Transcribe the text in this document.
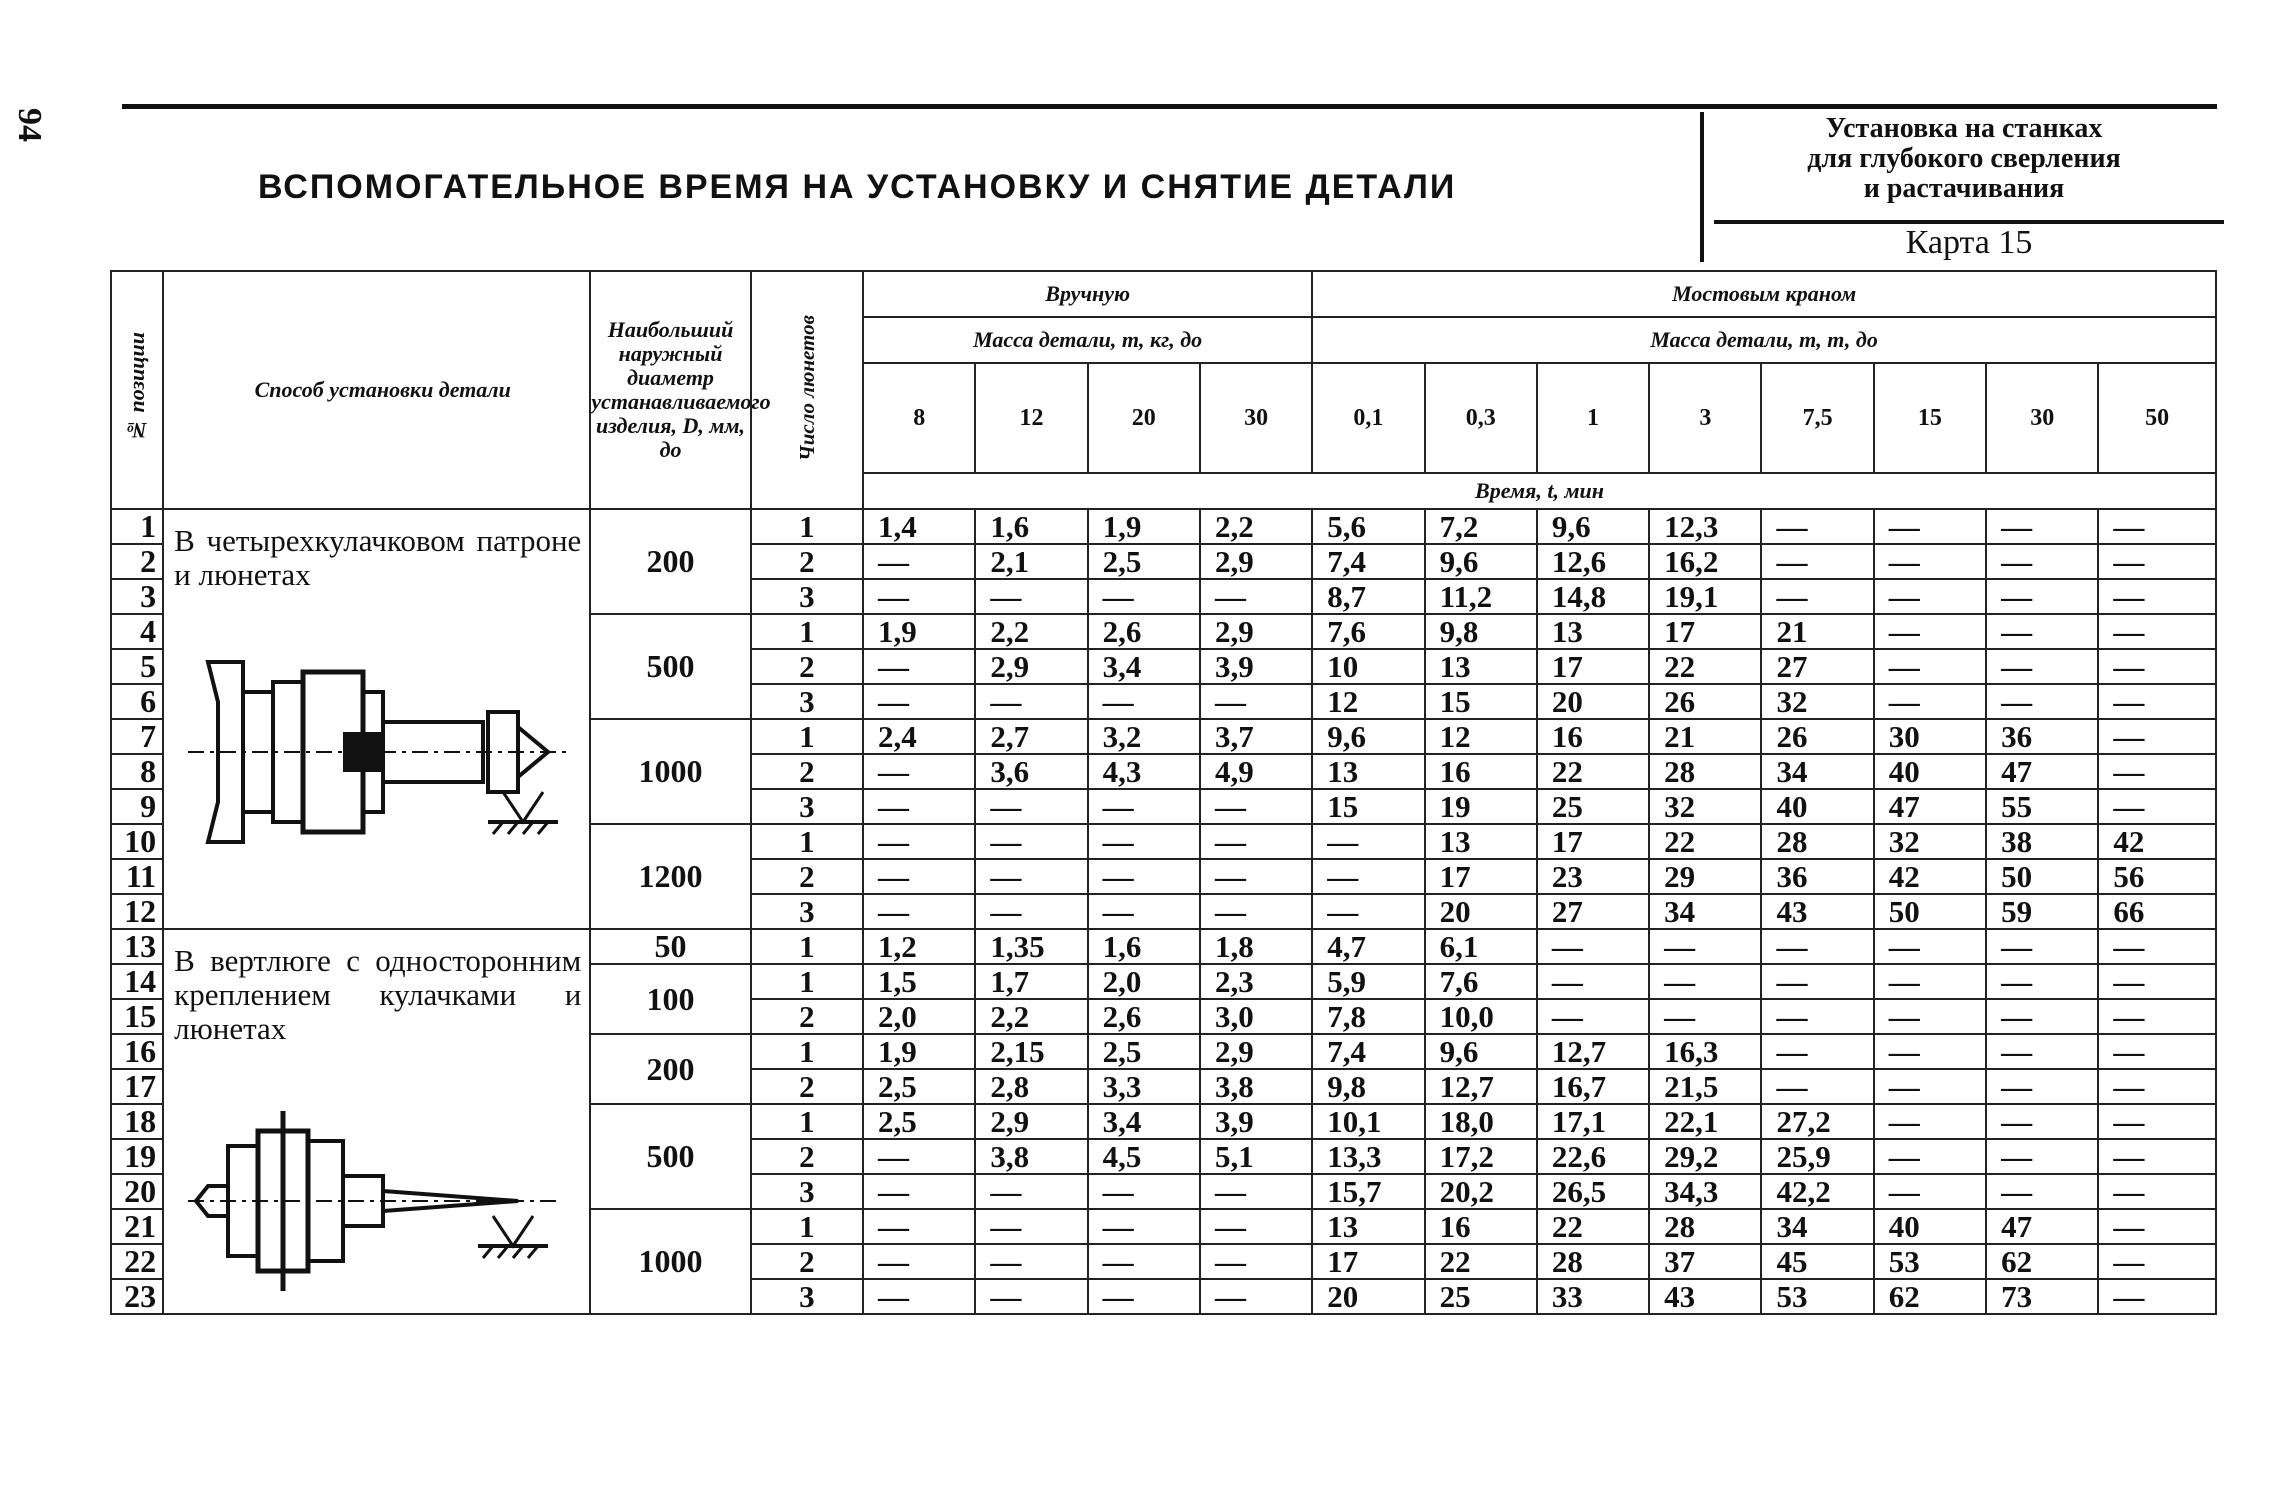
94
ВСПОМОГАТЕЛЬНОЕ ВРЕМЯ НА УСТАНОВКУ И СНЯТИЕ ДЕТАЛИ
Установка на станках
для глубокого сверления
и растачивания
Карта 15
№ позиции	Способ установки детали	Наибольший наружный диаметр устанавливаемого изделия, D, мм, до	Число люнетов	Вручную				Мостовым краном							
				Масса детали, m, кг, до				Масса детали, m, т, до							
				8	12	20	30	0,1	0,3	1	3	7,5	15	30	50
				Время, t, мин											
1	В четырехкулачковом патроне и люнетах	200	1	1,4	1,6	1,9	2,2	5,6	7,2	9,6	12,3	—	—	—	—
2			2	—	2,1	2,5	2,9	7,4	9,6	12,6	16,2	—	—	—	—
3			3	—	—	—	—	8,7	11,2	14,8	19,1	—	—	—	—
4		500	1	1,9	2,2	2,6	2,9	7,6	9,8	13	17	21	—	—	—
5			2	—	2,9	3,4	3,9	10	13	17	22	27	—	—	—
6			3	—	—	—	—	12	15	20	26	32	—	—	—
7		1000	1	2,4	2,7	3,2	3,7	9,6	12	16	21	26	30	36	—
8			2	—	3,6	4,3	4,9	13	16	22	28	34	40	47	—
9			3	—	—	—	—	15	19	25	32	40	47	55	—
10		1200	1	—	—	—	—	—	13	17	22	28	32	38	42
11			2	—	—	—	—	—	17	23	29	36	42	50	56
12			3	—	—	—	—	—	20	27	34	43	50	59	66
13	В вертлюге с односторонним креплением кулачками и люнетах	50	1	1,2	1,35	1,6	1,8	4,7	6,1	—	—	—	—	—	—
14		100	1	1,5	1,7	2,0	2,3	5,9	7,6	—	—	—	—	—	—
15			2	2,0	2,2	2,6	3,0	7,8	10,0	—	—	—	—	—	—
16		200	1	1,9	2,15	2,5	2,9	7,4	9,6	12,7	16,3	—	—	—	—
17			2	2,5	2,8	3,3	3,8	9,8	12,7	16,7	21,5	—	—	—	—
18		500	1	2,5	2,9	3,4	3,9	10,1	18,0	17,1	22,1	27,2	—	—	—
19			2	—	3,8	4,5	5,1	13,3	17,2	22,6	29,2	25,9	—	—	—
20			3	—	—	—	—	15,7	20,2	26,5	34,3	42,2	—	—	—
21		1000	1	—	—	—	—	13	16	22	28	34	40	47	—
22			2	—	—	—	—	17	22	28	37	45	53	62	—
23			3	—	—	—	—	20	25	33	43	53	62	73	—
